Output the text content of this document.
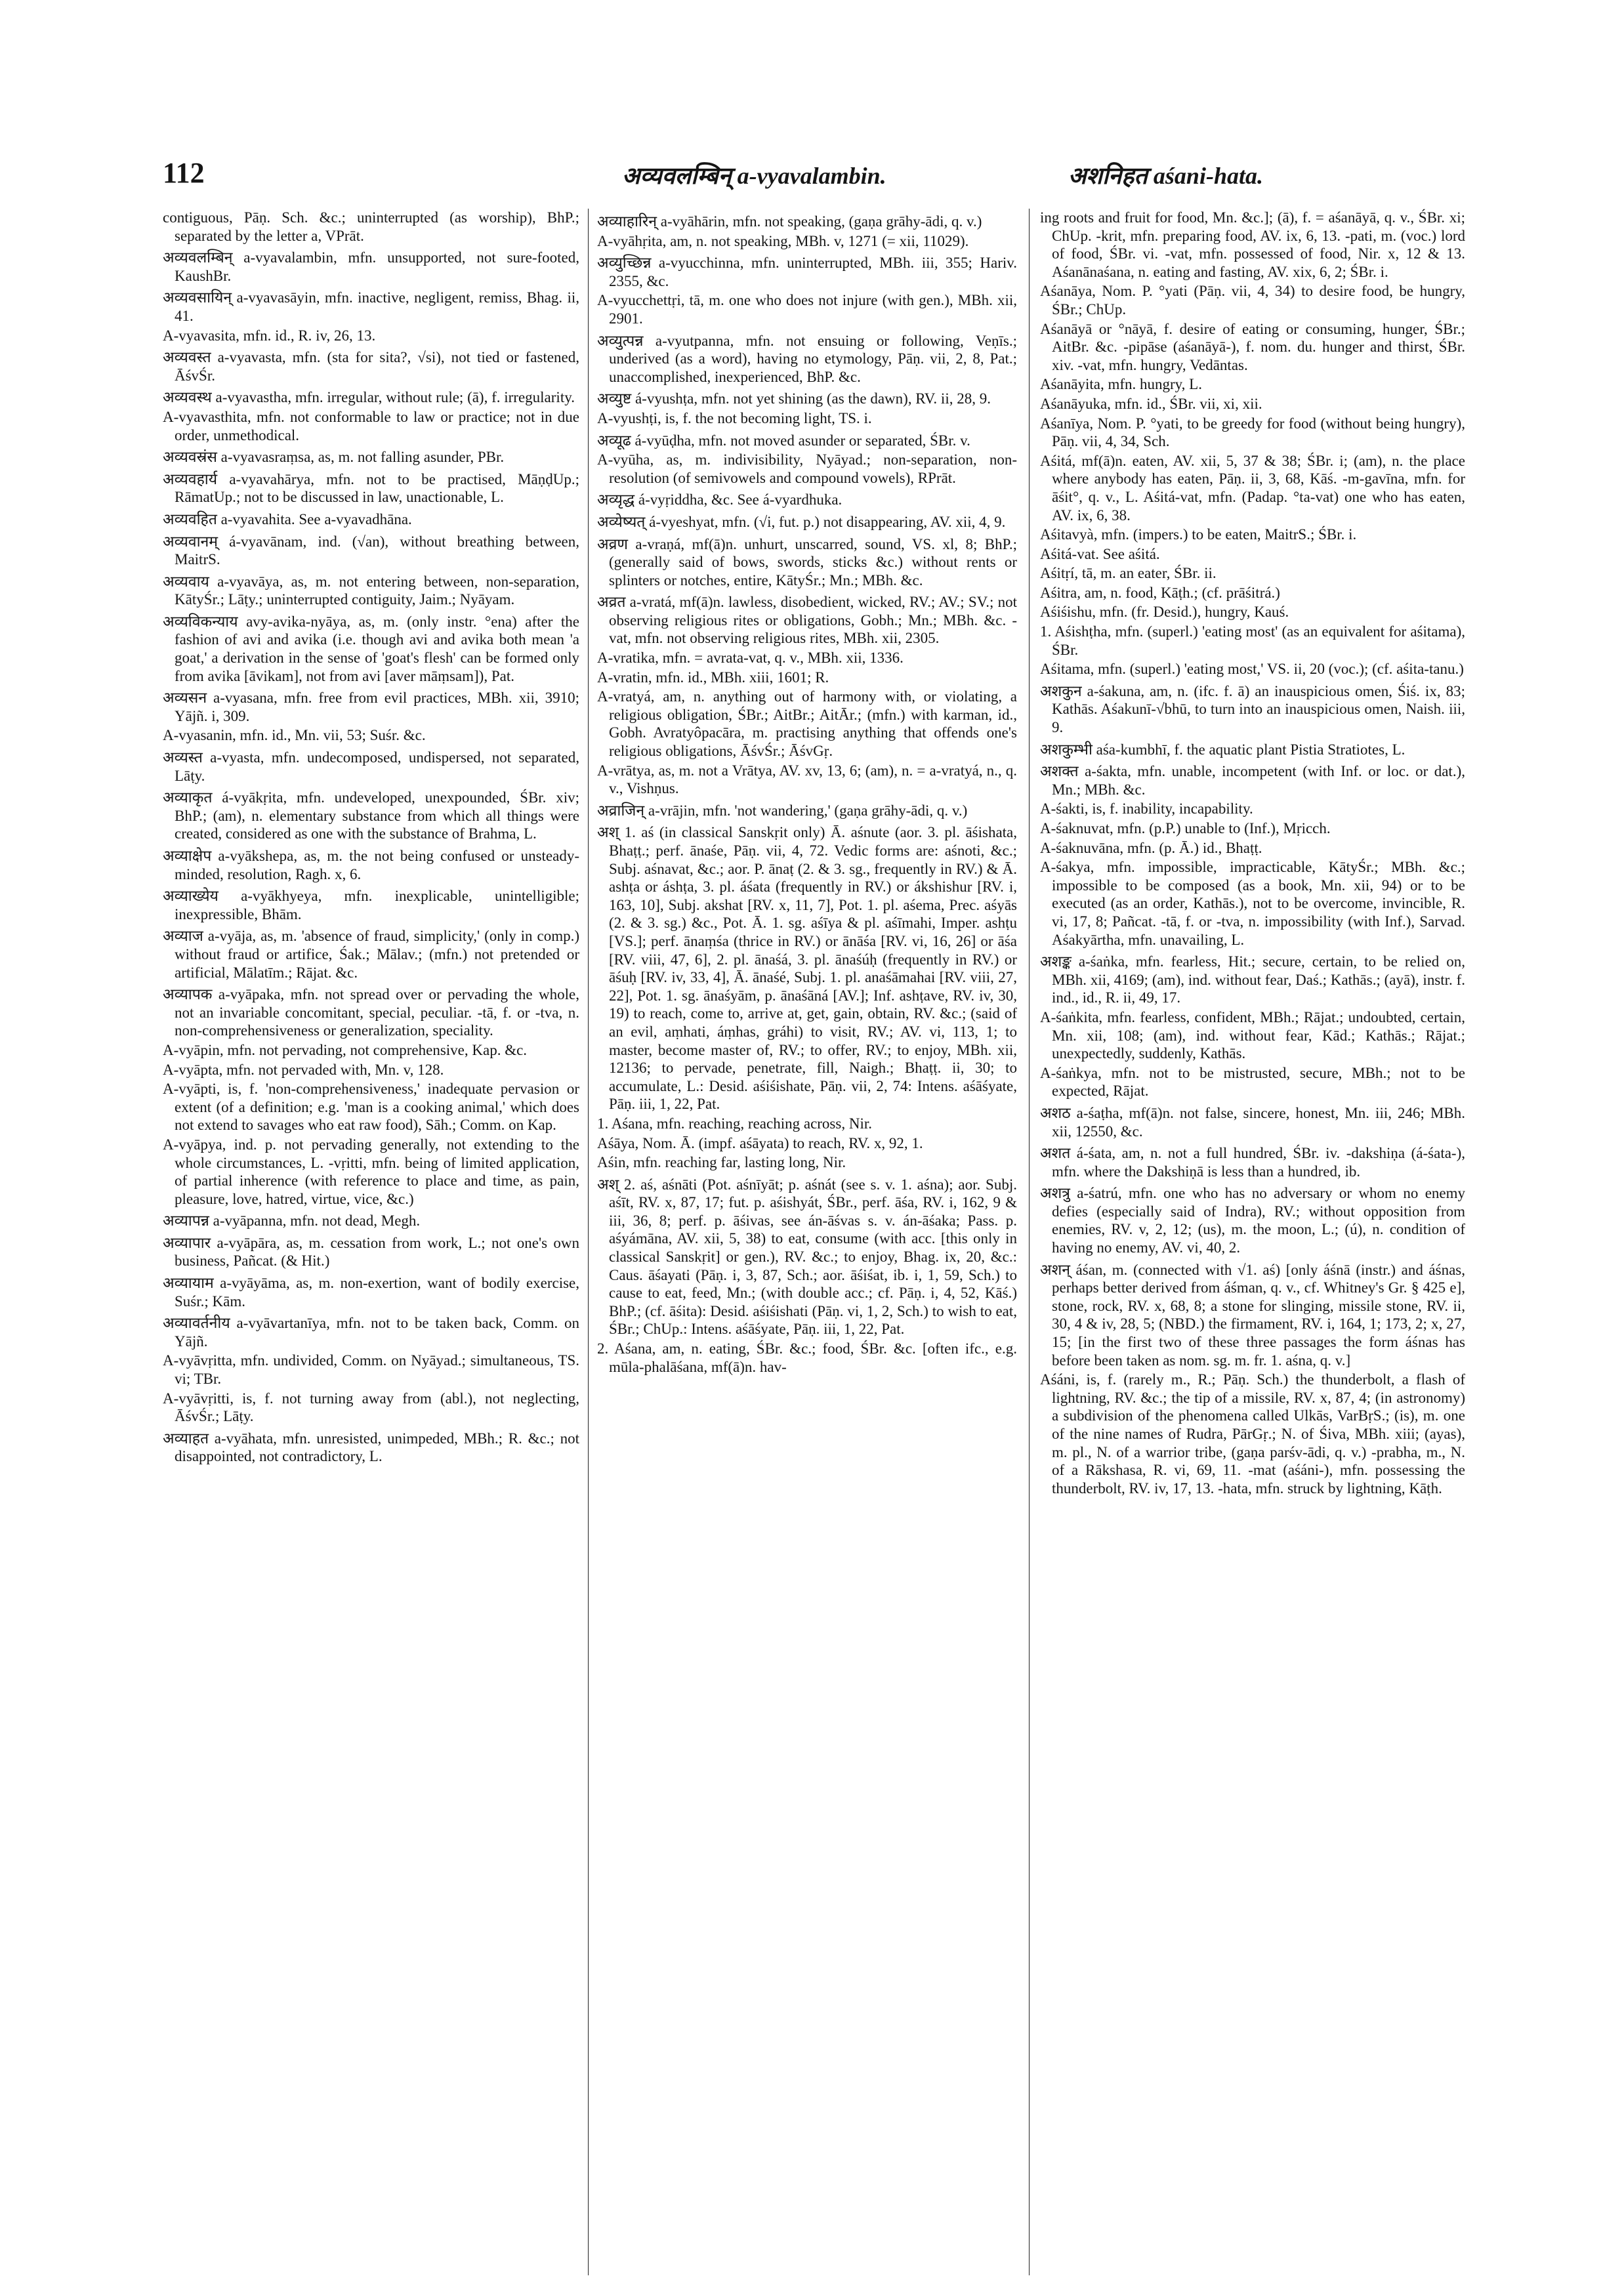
112	अव्यवलम्बिन् a-vyavalambin.	अशनिहत aśani-hata.

contiguous, Pāṇ. Sch. &c.; uninterrupted (as worship), BhP.; separated by the letter a, VPrāt.

अव्यवलम्बिन् a-vyavalambin, mfn. unsupported, not sure-footed, KaushBr.

अव्यवसायिन् a-vyavasāyin, mfn. inactive, negligent, remiss, Bhag. ii, 41.

A-vyavasita, mfn. id., R. iv, 26, 13.

अव्यवस्त a-vyavasta, mfn. (sta for sita?, √si), not tied or fastened, ĀśvŚr.

अव्यवस्थ a-vyavastha, mfn. irregular, without rule; (ā), f. irregularity.

A-vyavasthita, mfn. not conformable to law or practice; not in due order, unmethodical.

अव्यवस्रंस a-vyavasraṃsa, as, m. not falling asunder, PBr.

अव्यवहार्य a-vyavahārya, mfn. not to be practised, MāṇḍUp.; RāmatUp.; not to be discussed in law, unactionable, L.

अव्यवहित a-vyavahita. See a-vyavadhāna.

अव्यवानम् á-vyavānam, ind. (√an), without breathing between, MaitrS.

अव्यवाय a-vyavāya, as, m. not entering between, non-separation, KātyŚr.; Lāṭy.; uninterrupted contiguity, Jaim.; Nyāyam.

अव्यविकन्याय avy-avika-nyāya, as, m. (only instr. °ena) after the fashion of avi and avika (i.e. though avi and avika both mean 'a goat,' a derivation in the sense of 'goat's flesh' can be formed only from avika [āvikam], not from avi [aver māṃsam]), Pat.

अव्यसन a-vyasana, mfn. free from evil practices, MBh. xii, 3910; Yājñ. i, 309.

A-vyasanin, mfn. id., Mn. vii, 53; Suśr. &c.

अव्यस्त a-vyasta, mfn. undecomposed, undispersed, not separated, Lāṭy.

अव्याकृत á-vyākṛita, mfn. undeveloped, unexpounded, ŚBr. xiv; BhP.; (am), n. elementary substance from which all things were created, considered as one with the substance of Brahma, L.

अव्याक्षेप a-vyākshepa, as, m. the not being confused or unsteady-minded, resolution, Ragh. x, 6.

अव्याख्येय a-vyākhyeya, mfn. inexplicable, unintelligible; inexpressible, Bhām.

अव्याज a-vyāja, as, m. 'absence of fraud, simplicity,' (only in comp.) without fraud or artifice, Śak.; Mālav.; (mfn.) not pretended or artificial, Mālatīm.; Rājat. &c.

अव्यापक a-vyāpaka, mfn. not spread over or pervading the whole, not an invariable concomitant, special, peculiar. -tā, f. or -tva, n. non-comprehensiveness or generalization, speciality.

A-vyāpin, mfn. not pervading, not comprehensive, Kap. &c.

A-vyāpta, mfn. not pervaded with, Mn. v, 128.

A-vyāpti, is, f. 'non-comprehensiveness,' inadequate pervasion or extent (of a definition; e.g. 'man is a cooking animal,' which does not extend to savages who eat raw food), Sāh.; Comm. on Kap.

A-vyāpya, ind. p. not pervading generally, not extending to the whole circumstances, L. -vṛitti, mfn. being of limited application, of partial inherence (with reference to place and time, as pain, pleasure, love, hatred, virtue, vice, &c.)

अव्यापन्न a-vyāpanna, mfn. not dead, Megh.

अव्यापार a-vyāpāra, as, m. cessation from work, L.; not one's own business, Pañcat. (& Hit.)

अव्यायाम a-vyāyāma, as, m. non-exertion, want of bodily exercise, Suśr.; Kām.

अव्यावर्तनीय a-vyāvartanīya, mfn. not to be taken back, Comm. on Yājñ.

A-vyāvṛitta, mfn. undivided, Comm. on Nyāyad.; simultaneous, TS. vi; TBr.

A-vyāvṛitti, is, f. not turning away from (abl.), not neglecting, ĀśvŚr.; Lāṭy.

अव्याहत a-vyāhata, mfn. unresisted, unimpeded, MBh.; R. &c.; not disappointed, not contradictory, L.

अव्याहारिन् a-vyāhārin, mfn. not speaking, (gaṇa grāhy-ādi, q. v.)

A-vyāhṛita, am, n. not speaking, MBh. v, 1271 (= xii, 11029).

अव्युच्छिन्न a-vyucchinna, mfn. uninterrupted, MBh. iii, 355; Hariv. 2355, &c.

A-vyucchettṛi, tā, m. one who does not injure (with gen.), MBh. xii, 2901.

अव्युत्पन्न a-vyutpanna, mfn. not ensuing or following, Veṇīs.; underived (as a word), having no etymology, Pāṇ. vii, 2, 8, Pat.; unaccomplished, inexperienced, BhP. &c.

अव्युष्ट á-vyushṭa, mfn. not yet shining (as the dawn), RV. ii, 28, 9.

A-vyushṭi, is, f. the not becoming light, TS. i.

अव्यूढ á-vyūḍha, mfn. not moved asunder or separated, ŚBr. v.

A-vyūha, as, m. indivisibility, Nyāyad.; non-separation, non-resolution (of semivowels and compound vowels), RPrāt.

अव्यृद्ध á-vyṛiddha, &c. See á-vyardhuka.

अव्येष्यत् á-vyeshyat, mfn. (√i, fut. p.) not disappearing, AV. xii, 4, 9.

अव्रण a-vraṇá, mf(ā)n. unhurt, unscarred, sound, VS. xl, 8; BhP.; (generally said of bows, swords, sticks &c.) without rents or splinters or notches, entire, KātyŚr.; Mn.; MBh. &c.

अव्रत a-vratá, mf(ā)n. lawless, disobedient, wicked, RV.; AV.; SV.; not observing religious rites or obligations, Gobh.; Mn.; MBh. &c. -vat, mfn. not observing religious rites, MBh. xii, 2305.

A-vratika, mfn. = avrata-vat, q. v., MBh. xii, 1336.

A-vratin, mfn. id., MBh. xiii, 1601; R.

A-vratyá, am, n. anything out of harmony with, or violating, a religious obligation, ŚBr.; AitBr.; AitĀr.; (mfn.) with karman, id., Gobh. Avratyôpacāra, m. practising anything that offends one's religious obligations, ĀśvŚr.; ĀśvGṛ.

A-vrātya, as, m. not a Vrātya, AV. xv, 13, 6; (am), n. = a-vratyá, n., q. v., Vishṇus.

अव्राजिन् a-vrājin, mfn. 'not wandering,' (gaṇa grāhy-ādi, q. v.)

अश् 1. aś (in classical Sanskṛit only) Ā. aśnute (aor. 3. pl. āśishata, Bhaṭṭ.; perf. ānaśe, Pāṇ. vii, 4, 72. Vedic forms are: aśnoti, &c.; Subj. aśnavat, &c.; aor. P. ānaṭ (2. & 3. sg., frequently in RV.) & Ā. ashṭa or áshṭa, 3. pl. áśata (frequently in RV.) or ákshishur [RV. i, 163, 10], Subj. akshat [RV. x, 11, 7], Pot. 1. pl. aśema, Prec. aśyās (2. & 3. sg.) &c., Pot. Ā. 1. sg. aśīya & pl. aśīmahi, Imper. ashṭu [VS.]; perf. ānaṃśa (thrice in RV.) or ānāśa [RV. vi, 16, 26] or āśa [RV. viii, 47, 6], 2. pl. ānaśá, 3. pl. ānaśúḥ (frequently in RV.) or āśuḥ [RV. iv, 33, 4], Ā. ānaśé, Subj. 1. pl. anaśāmahai [RV. viii, 27, 22], Pot. 1. sg. ānaśyām, p. ānaśāná [AV.]; Inf. ashṭave, RV. iv, 30, 19) to reach, come to, arrive at, get, gain, obtain, RV. &c.; (said of an evil, aṃhati, áṃhas, gráhi) to visit, RV.; AV. vi, 113, 1; to master, become master of, RV.; to offer, RV.; to enjoy, MBh. xii, 12136; to pervade, penetrate, fill, Naigh.; Bhaṭṭ. ii, 30; to accumulate, L.: Desid. aśiśishate, Pāṇ. vii, 2, 74: Intens. aśāśyate, Pāṇ. iii, 1, 22, Pat.

1. Aśana, mfn. reaching, reaching across, Nir.

Aśāya, Nom. Ā. (impf. aśāyata) to reach, RV. x, 92, 1.

Aśin, mfn. reaching far, lasting long, Nir.

अश् 2. aś, aśnāti (Pot. aśnīyāt; p. aśnát (see s. v. 1. aśna); aor. Subj. aśīt, RV. x, 87, 17; fut. p. aśishyát, ŚBr., perf. āśa, RV. i, 162, 9 & iii, 36, 8; perf. p. āśivas, see án-āśvas s. v. án-āśaka; Pass. p. aśyámāna, AV. xii, 5, 38) to eat, consume (with acc. [this only in classical Sanskṛit] or gen.), RV. &c.; to enjoy, Bhag. ix, 20, &c.: Caus. āśayati (Pāṇ. i, 3, 87, Sch.; aor. āśiśat, ib. i, 1, 59, Sch.) to cause to eat, feed, Mn.; (with double acc.; cf. Pāṇ. i, 4, 52, Kāś.) BhP.; (cf. āśita): Desid. aśiśishati (Pāṇ. vi, 1, 2, Sch.) to wish to eat, ŚBr.; ChUp.: Intens. aśāśyate, Pāṇ. iii, 1, 22, Pat.

2. Aśana, am, n. eating, ŚBr. &c.; food, ŚBr. &c. [often ifc., e.g. mūla-phalāśana, mf(ā)n. hav-

ing roots and fruit for food, Mn. &c.]; (ā), f. = aśanāyā, q. v., ŚBr. xi; ChUp. -krit, mfn. preparing food, AV. ix, 6, 13. -pati, m. (voc.) lord of food, ŚBr. vi. -vat, mfn. possessed of food, Nir. x, 12 & 13. Aśanānaśana, n. eating and fasting, AV. xix, 6, 2; ŚBr. i.

Aśanāya, Nom. P. °yati (Pāṇ. vii, 4, 34) to desire food, be hungry, ŚBr.; ChUp.

Aśanāyā or °nāyā, f. desire of eating or consuming, hunger, ŚBr.; AitBr. &c. -pipāse (aśanāyā-), f. nom. du. hunger and thirst, ŚBr. xiv. -vat, mfn. hungry, Vedāntas.

Aśanāyita, mfn. hungry, L.

Aśanāyuka, mfn. id., ŚBr. vii, xi, xii.

Aśanīya, Nom. P. °yati, to be greedy for food (without being hungry), Pāṇ. vii, 4, 34, Sch.

Aśitá, mf(ā)n. eaten, AV. xii, 5, 37 & 38; ŚBr. i; (am), n. the place where anybody has eaten, Pāṇ. ii, 3, 68, Kāś. -m-gavīna, mfn. for āśit°, q. v., L. Aśitá-vat, mfn. (Padap. °ta-vat) one who has eaten, AV. ix, 6, 38.

Aśitavyà, mfn. (impers.) to be eaten, MaitrS.; ŚBr. i.

Aśitá-vat. See aśitá.

Aśitṛí, tā, m. an eater, ŚBr. ii.

Aśitra, am, n. food, Kāṭh.; (cf. prāśitrá.)

Aśiśishu, mfn. (fr. Desid.), hungry, Kauś.

1. Aśishṭha, mfn. (superl.) 'eating most' (as an equivalent for aśitama), ŚBr.

Aśitama, mfn. (superl.) 'eating most,' VS. ii, 20 (voc.); (cf. aśita-tanu.)

अशकुन a-śakuna, am, n. (ifc. f. ā) an inauspicious omen, Śiś. ix, 83; Kathās. Aśakunī-√bhū, to turn into an inauspicious omen, Naish. iii, 9.

अशकुम्भी aśa-kumbhī, f. the aquatic plant Pistia Stratiotes, L.

अशक्त a-śakta, mfn. unable, incompetent (with Inf. or loc. or dat.), Mn.; MBh. &c.

A-śakti, is, f. inability, incapability.

A-śaknuvat, mfn. (p.P.) unable to (Inf.), Mṛicch.

A-śaknuvāna, mfn. (p. Ā.) id., Bhaṭṭ.

A-śakya, mfn. impossible, impracticable, KātyŚr.; MBh. &c.; impossible to be composed (as a book, Mn. xii, 94) or to be executed (as an order, Kathās.), not to be overcome, invincible, R. vi, 17, 8; Pañcat. -tā, f. or -tva, n. impossibility (with Inf.), Sarvad. Aśakyārtha, mfn. unavailing, L.

अशङ्क a-śaṅka, mfn. fearless, Hit.; secure, certain, to be relied on, MBh. xii, 4169; (am), ind. without fear, Daś.; Kathās.; (ayā), instr. f. ind., id., R. ii, 49, 17.

A-śaṅkita, mfn. fearless, confident, MBh.; Rājat.; undoubted, certain, Mn. xii, 108; (am), ind. without fear, Kād.; Kathās.; Rājat.; unexpectedly, suddenly, Kathās.

A-śaṅkya, mfn. not to be mistrusted, secure, MBh.; not to be expected, Rājat.

अशठ a-śaṭha, mf(ā)n. not false, sincere, honest, Mn. iii, 246; MBh. xii, 12550, &c.

अशत á-śata, am, n. not a full hundred, ŚBr. iv. -dakshiṇa (á-śata-), mfn. where the Dakshiṇā is less than a hundred, ib.

अशत्रु a-śatrú, mfn. one who has no adversary or whom no enemy defies (especially said of Indra), RV.; without opposition from enemies, RV. v, 2, 12; (us), m. the moon, L.; (ú), n. condition of having no enemy, AV. vi, 40, 2.

अशन् áśan, m. (connected with √1. aś) [only áśnā (instr.) and áśnas, perhaps better derived from áśman, q. v., cf. Whitney's Gr. § 425 e], stone, rock, RV. x, 68, 8; a stone for slinging, missile stone, RV. ii, 30, 4 & iv, 28, 5; (NBD.) the firmament, RV. i, 164, 1; 173, 2; x, 27, 15; [in the first two of these three passages the form áśnas has before been taken as nom. sg. m. fr. 1. aśna, q. v.]

Aśáni, is, f. (rarely m., R.; Pāṇ. Sch.) the thunderbolt, a flash of lightning, RV. &c.; the tip of a missile, RV. x, 87, 4; (in astronomy) a subdivision of the phenomena called Ulkās, VarBṛS.; (is), m. one of the nine names of Rudra, PārGṛ.; N. of Śiva, MBh. xiii; (ayas), m. pl., N. of a warrior tribe, (gaṇa parśv-ādi, q. v.) -prabha, m., N. of a Rākshasa, R. vi, 69, 11. -mat (aśáni-), mfn. possessing the thunderbolt, RV. iv, 17, 13. -hata, mfn. struck by lightning, Kāṭh.
